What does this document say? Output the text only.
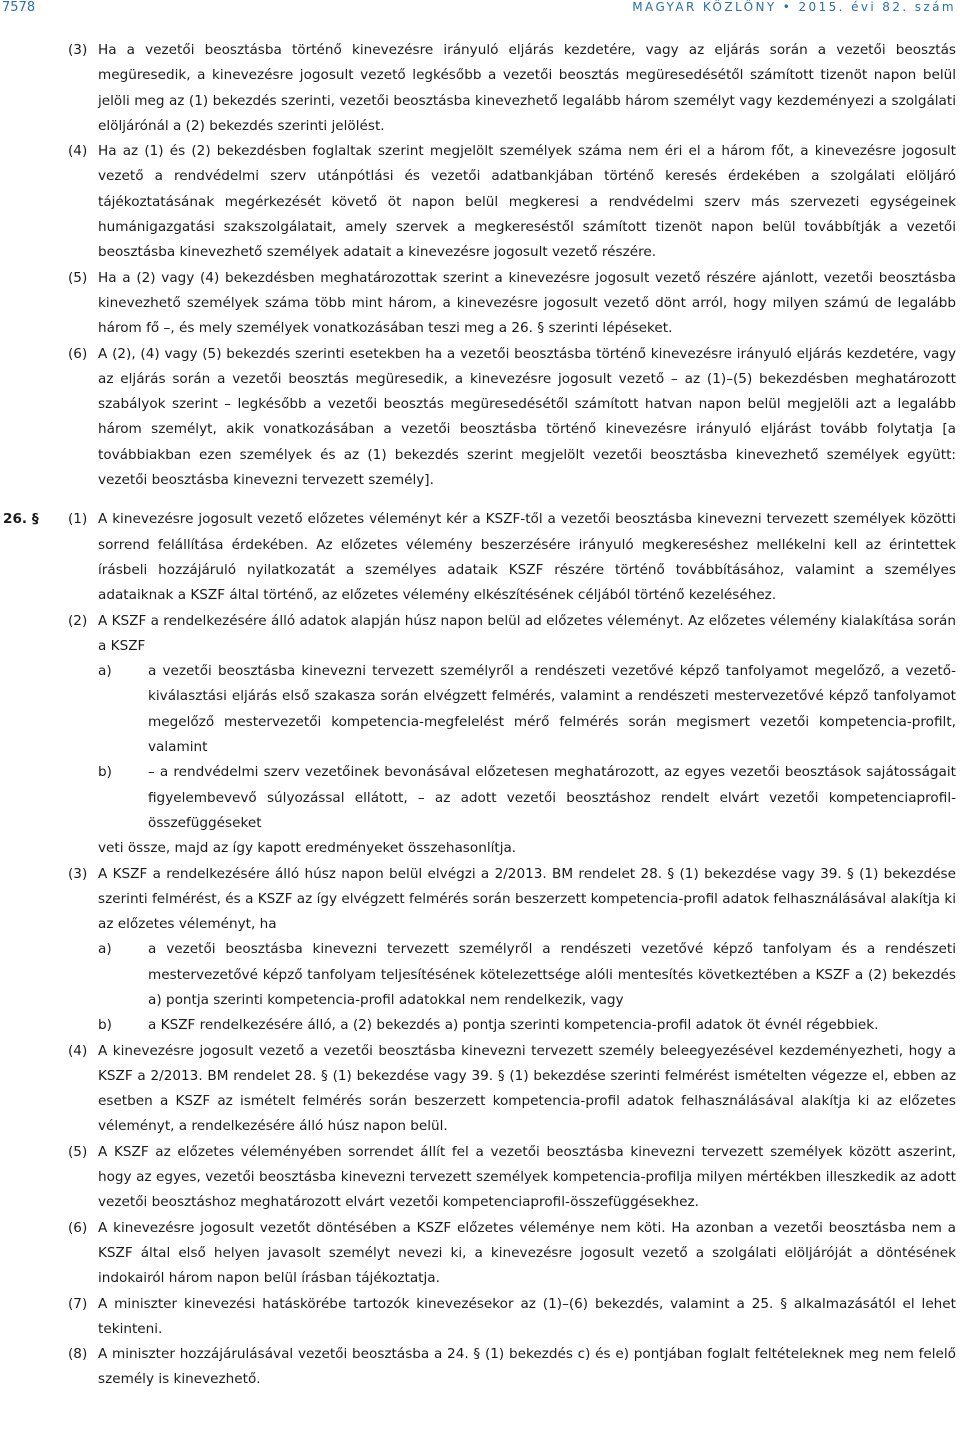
7578	MAGYAR KÖZLÖNY • 2015. évi 82. szám
(3) Ha a vezetői beosztásba történő kinevezésre irányuló eljárás kezdetére, vagy az eljárás során a vezetői beosztás megüresedik, a kinevezésre jogosult vezető legkésőbb a vezetői beosztás megüresedésétől számított tizenöt napon belül jelöli meg az (1) bekezdés szerinti, vezetői beosztásba kinevezhető legalább három személyt vagy kezdeményezi a szolgálati elöljárónál a (2) bekezdés szerinti jelölést.
(4) Ha az (1) és (2) bekezdésben foglaltak szerint megjelölt személyek száma nem éri el a három főt, a kinevezésre jogosult vezető a rendvédelmi szerv utánpótlási és vezetői adatbankjában történő keresés érdekében a szolgálati elöljáró tájékoztatásának megérkezését követő öt napon belül megkeresi a rendvédelmi szerv más szervezeti egységeinek humánigazgatási szakszolgálatait, amely szervek a megkereséstől számított tizenöt napon belül továbbítják a vezetői beosztásba kinevezhető személyek adatait a kinevezésre jogosult vezető részére.
(5) Ha a (2) vagy (4) bekezdésben meghatározottak szerint a kinevezésre jogosult vezető részére ajánlott, vezetői beosztásba kinevezhető személyek száma több mint három, a kinevezésre jogosult vezető dönt arról, hogy milyen számú de legalább három fő –, és mely személyek vonatkozásában teszi meg a 26. § szerinti lépéseket.
(6) A (2), (4) vagy (5) bekezdés szerinti esetekben ha a vezetői beosztásba történő kinevezésre irányuló eljárás kezdetére, vagy az eljárás során a vezetői beosztás megüresedik, a kinevezésre jogosult vezető – az (1)–(5) bekezdésben meghatározott szabályok szerint – legkésőbb a vezetői beosztás megüresedésétől számított hatvan napon belül megjelöli azt a legalább három személyt, akik vonatkozásában a vezetői beosztásba történő kinevezésre irányuló eljárást tovább folytatja [a továbbiakban ezen személyek és az (1) bekezdés szerint megjelölt vezetői beosztásba kinevezhető személyek együtt: vezetői beosztásba kinevezni tervezett személy].
26. § (1) A kinevezésre jogosult vezető előzetes véleményt kér a KSZF-től a vezetői beosztásba kinevezni tervezett személyek közötti sorrend felállítása érdekében. Az előzetes vélemény beszerzésére irányuló megkereséshez mellékelni kell az érintettek írásbeli hozzájáruló nyilatkozatát a személyes adataik KSZF részére történő továbbításához, valamint a személyes adataiknak a KSZF által történő, az előzetes vélemény elkészítésének céljából történő kezeléséhez.
(2) A KSZF a rendelkezésére álló adatok alapján húsz napon belül ad előzetes véleményt. Az előzetes vélemény kialakítása során a KSZF
a)	a vezetői beosztásba kinevezni tervezett személyről a rendészeti vezetővé képző tanfolyamot megelőző, a vezető-kiválasztási eljárás első szakasza során elvégzett felmérés, valamint a rendészeti mestervezetővé képző tanfolyamot megelőző mestervezetői kompetencia-megfelelést mérő felmérés során megismert vezetői kompetencia-profilt, valamint
b)	– a rendvédelmi szerv vezetőinek bevonásával előzetesen meghatározott, az egyes vezetői beosztások sajátosságait figyelembevevő súlyozással ellátott, – az adott vezetői beosztáshoz rendelt elvárt vezetői kompetenciaprofil-összefüggéseket
veti össze, majd az így kapott eredményeket összehasonlítja.
(3) A KSZF a rendelkezésére álló húsz napon belül elvégzi a 2/2013. BM rendelet 28. § (1) bekezdése vagy 39. § (1) bekezdése szerinti felmérést, és a KSZF az így elvégzett felmérés során beszerzett kompetencia-profil adatok felhasználásával alakítja ki az előzetes véleményt, ha
a)	a vezetői beosztásba kinevezni tervezett személyről a rendészeti vezetővé képző tanfolyam és a rendészeti mestervezetővé képző tanfolyam teljesítésének kötelezettsége alóli mentesítés következtében a KSZF a (2) bekezdés a) pontja szerinti kompetencia-profil adatokkal nem rendelkezik, vagy
b)	a KSZF rendelkezésére álló, a (2) bekezdés a) pontja szerinti kompetencia-profil adatok öt évnél régebbiek.
(4) A kinevezésre jogosult vezető a vezetői beosztásba kinevezni tervezett személy beleegyezésével kezdeményezheti, hogy a KSZF a 2/2013. BM rendelet 28. § (1) bekezdése vagy 39. § (1) bekezdése szerinti felmérést ismételten végezze el, ebben az esetben a KSZF az ismételt felmérés során beszerzett kompetencia-profil adatok felhasználásával alakítja ki az előzetes véleményt, a rendelkezésére álló húsz napon belül.
(5) A KSZF az előzetes véleményében sorrendet állít fel a vezetői beosztásba kinevezni tervezett személyek között aszerint, hogy az egyes, vezetői beosztásba kinevezni tervezett személyek kompetencia-profilja milyen mértékben illeszkedik az adott vezetői beosztáshoz meghatározott elvárt vezetői kompetenciaprofil-összefüggésekhez.
(6) A kinevezésre jogosult vezetőt döntésében a KSZF előzetes véleménye nem köti. Ha azonban a vezetői beosztásba nem a KSZF által első helyen javasolt személyt nevezi ki, a kinevezésre jogosult vezető a szolgálati elöljáróját a döntésének indokairól három napon belül írásban tájékoztatja.
(7) A miniszter kinevezési hatáskörébe tartozók kinevezésekor az (1)–(6) bekezdés, valamint a 25. § alkalmazásától el lehet tekinteni.
(8) A miniszter hozzájárulásával vezetői beosztásba a 24. § (1) bekezdés c) és e) pontjában foglalt feltételeknek meg nem felelő személy is kinevezhető.
